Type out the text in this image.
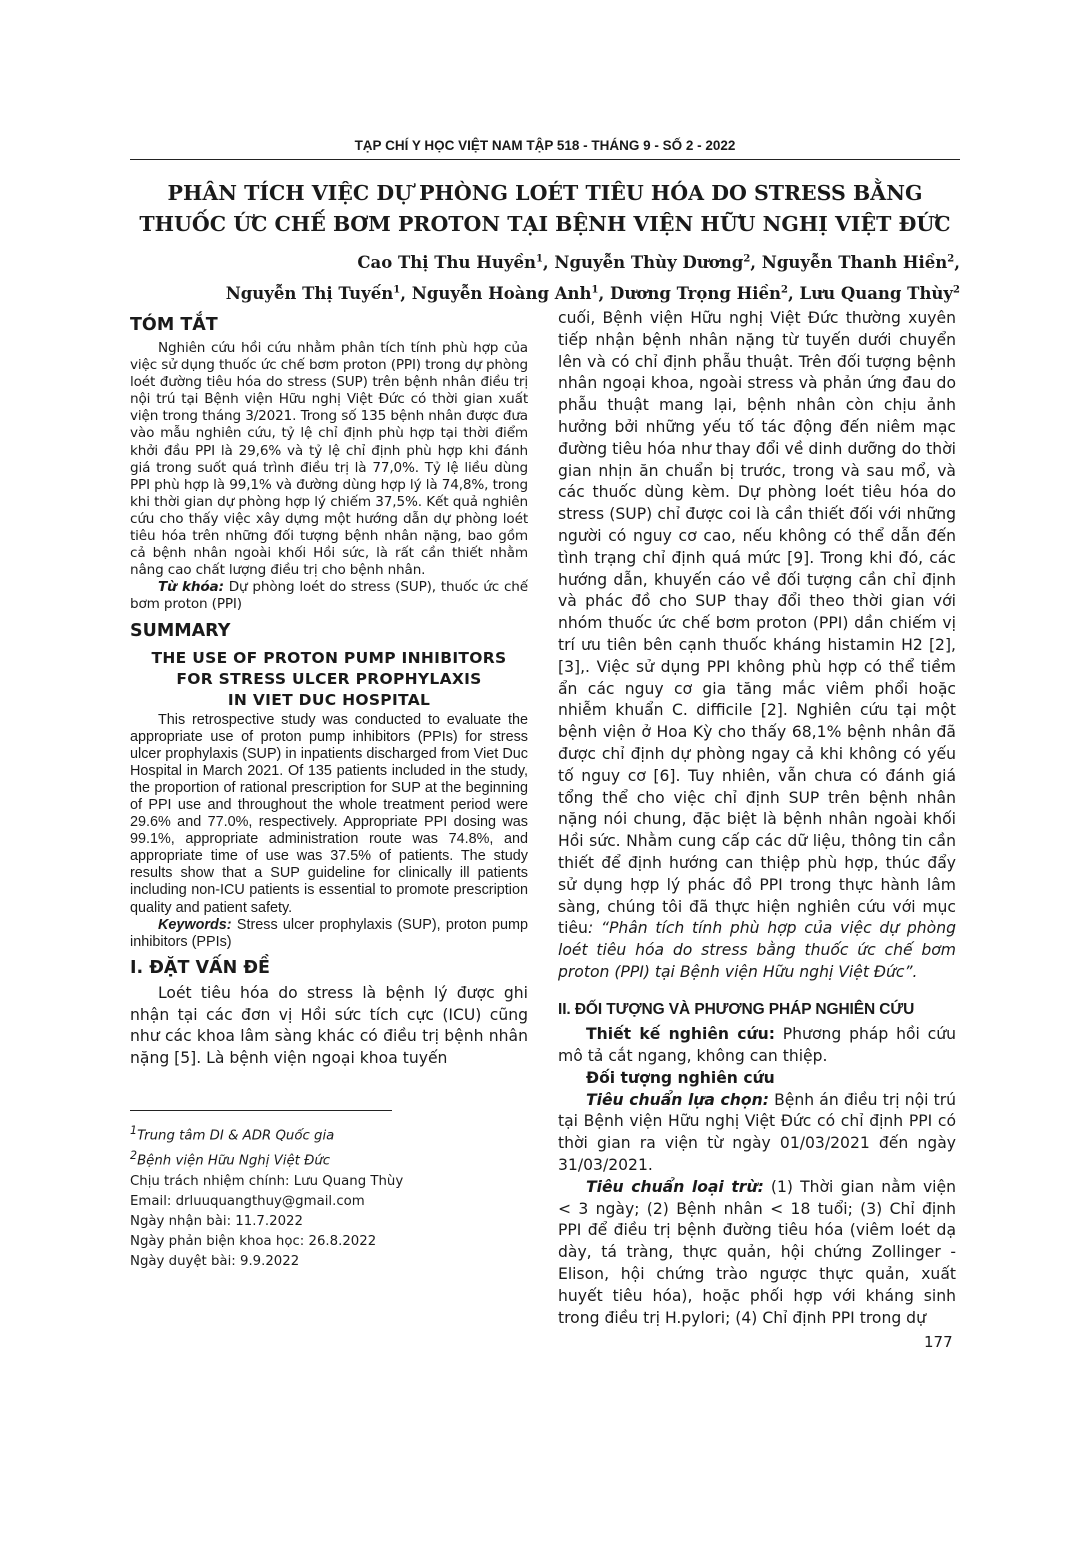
TẠP CHÍ Y HỌC VIỆT NAM TẬP 518 - THÁNG 9 - SỐ 2 - 2022
PHÂN TÍCH VIỆC DỰ PHÒNG LOÉT TIÊU HÓA DO STRESS BẰNG
THUỐC ỨC CHẾ BƠM PROTON TẠI BỆNH VIỆN HỮU NGHỊ VIỆT ĐỨC
Cao Thị Thu Huyền$^1$, Nguyễn Thùy Dương$^2$, Nguyễn Thanh Hiền$^2$,
Nguyễn Thị Tuyến$^1$, Nguyễn Hoàng Anh$^1$, Dương Trọng Hiền$^2$, Lưu Quang Thùy$^2$
TÓM TẮT

Nghiên cứu hồi cứu nhằm phân tích tính phù hợp của việc sử dụng thuốc ức chế bơm proton (PPI) trong dự phòng loét đường tiêu hóa do stress (SUP) trên bệnh nhân điều trị nội trú tại Bệnh viện Hữu nghị Việt Đức có thời gian xuất viện trong tháng 3/2021. Trong số 135 bệnh nhân được đưa vào mẫu nghiên cứu, tỷ lệ chỉ định phù hợp tại thời điểm khởi đầu PPI là 29,6% và tỷ lệ chỉ định phù hợp khi đánh giá trong suốt quá trình điều trị là 77,0%. Tỷ lệ liều dùng PPI phù hợp là 99,1% và đường dùng hợp lý là 74,8%, trong khi thời gian dự phòng hợp lý chiếm 37,5%. Kết quả nghiên cứu cho thấy việc xây dựng một hướng dẫn dự phòng loét tiêu hóa trên những đối tượng bệnh nhân nặng, bao gồm cả bệnh nhân ngoài khối Hồi sức, là rất cần thiết nhằm nâng cao chất lượng điều trị cho bệnh nhân.

Từ khóa: Dự phòng loét do stress (SUP), thuốc ức chế bơm proton (PPI)

SUMMARY
THE USE OF PROTON PUMP INHIBITORS
FOR STRESS ULCER PROPHYLAXIS
IN VIET DUC HOSPITAL

This retrospective study was conducted to evaluate the appropriate use of proton pump inhibitors (PPIs) for stress ulcer prophylaxis (SUP) in inpatients discharged from Viet Duc Hospital in March 2021. Of 135 patients included in the study, the proportion of rational prescription for SUP at the beginning of PPI use and throughout the whole treatment period were 29.6% and 77.0%, respectively. Appropriate PPI dosing was 99.1%, appropriate administration route was 74.8%, and appropriate time of use was 37.5% of patients. The study results show that a SUP guideline for clinically ill patients including non-ICU patients is essential to promote prescription quality and patient safety.

Keywords: Stress ulcer prophylaxis (SUP), proton pump inhibitors (PPIs)

I. ĐẶT VẤN ĐỀ

Loét tiêu hóa do stress là bệnh lý được ghi nhận tại các đơn vị Hồi sức tích cực (ICU) cũng như các khoa lâm sàng khác có điều trị bệnh nhân nặng [5]. Là bệnh viện ngoại khoa tuyến

$^1$Trung tâm DI & ADR Quốc gia
$^2$Bệnh viện Hữu Nghị Việt Đức
Chịu trách nhiệm chính: Lưu Quang Thùy
Email: drluuquangthuy@gmail.com
Ngày nhận bài: 11.7.2022
Ngày phản biện khoa học: 26.8.2022
Ngày duyệt bài: 9.9.2022

cuối, Bệnh viện Hữu nghị Việt Đức thường xuyên tiếp nhận bệnh nhân nặng từ tuyến dưới chuyển lên và có chỉ định phẫu thuật. Trên đối tượng bệnh nhân ngoại khoa, ngoài stress và phản ứng đau do phẫu thuật mang lại, bệnh nhân còn chịu ảnh hưởng bởi những yếu tố tác động đến niêm mạc đường tiêu hóa như thay đổi về dinh dưỡng do thời gian nhịn ăn chuẩn bị trước, trong và sau mổ, và các thuốc dùng kèm. Dự phòng loét tiêu hóa do stress (SUP) chỉ được coi là cần thiết đối với những người có nguy cơ cao, nếu không có thể dẫn đến tình trạng chỉ định quá mức [9]. Trong khi đó, các hướng dẫn, khuyến cáo về đối tượng cần chỉ định và phác đồ cho SUP thay đổi theo thời gian với nhóm thuốc ức chế bơm proton (PPI) dần chiếm vị trí ưu tiên bên cạnh thuốc kháng histamin H2 [2], [3],. Việc sử dụng PPI không phù hợp có thể tiềm ẩn các nguy cơ gia tăng mắc viêm phổi hoặc nhiễm khuẩn C. difficile [2]. Nghiên cứu tại một bệnh viện ở Hoa Kỳ cho thấy 68,1% bệnh nhân đã được chỉ định dự phòng ngay cả khi không có yếu tố nguy cơ [6]. Tuy nhiên, vẫn chưa có đánh giá tổng thể cho việc chỉ định SUP trên bệnh nhân nặng nói chung, đặc biệt là bệnh nhân ngoài khối Hồi sức. Nhằm cung cấp các dữ liệu, thông tin cần thiết để định hướng can thiệp phù hợp, thúc đẩy sử dụng hợp lý phác đồ PPI trong thực hành lâm sàng, chúng tôi đã thực hiện nghiên cứu với mục tiêu: “Phân tích tính phù hợp của việc dự phòng loét tiêu hóa do stress bằng thuốc ức chế bơm proton (PPI) tại Bệnh viện Hữu nghị Việt Đức”.

II. ĐỐI TƯỢNG VÀ PHƯƠNG PHÁP NGHIÊN CỨU

Thiết kế nghiên cứu: Phương pháp hồi cứu mô tả cắt ngang, không can thiệp.

Đối tượng nghiên cứu

Tiêu chuẩn lựa chọn: Bệnh án điều trị nội trú tại Bệnh viện Hữu nghị Việt Đức có chỉ định PPI có thời gian ra viện từ ngày 01/03/2021 đến ngày 31/03/2021.

Tiêu chuẩn loại trừ: (1) Thời gian nằm viện < 3 ngày; (2) Bệnh nhân < 18 tuổi; (3) Chỉ định PPI để điều trị bệnh đường tiêu hóa (viêm loét dạ dày, tá tràng, thực quản, hội chứng Zollinger - Elison, hội chứng trào ngược thực quản, xuất huyết tiêu hóa), hoặc phối hợp với kháng sinh trong điều trị H.pylori; (4) Chỉ định PPI trong dự

177
